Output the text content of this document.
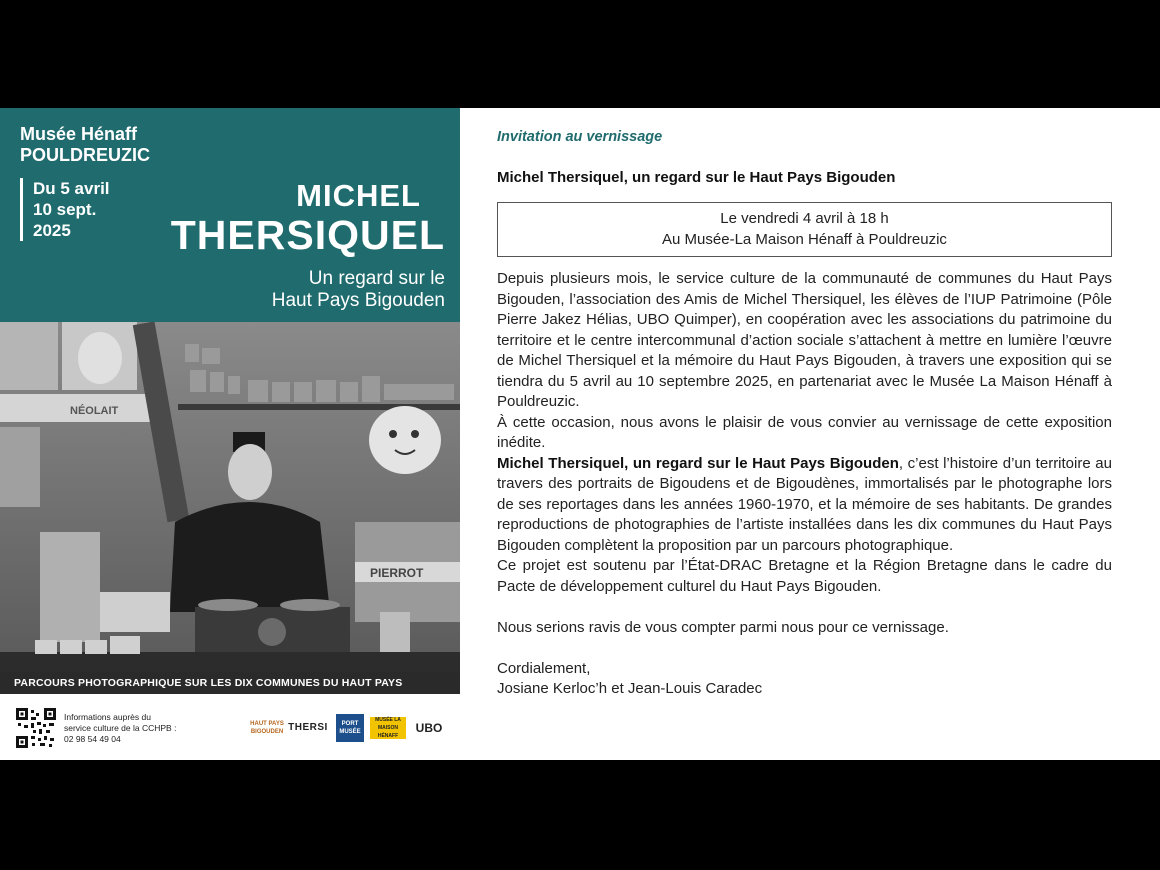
Musée Hénaff
POULDREUZIC
Du 5 avril
10 sept.
2025
MICHEL
THERSIQUEL
Un regard sur le
Haut Pays Bigouden
NÉOLAIT
PIERROT
PARCOURS PHOTOGRAPHIQUE SUR LES DIX COMMUNES DU HAUT PAYS
Informations auprès du
service culture de la CCHPB :
02 98 54 49 04
HAUT PAYS BIGOUDEN THERSI	PORT MUSÉE
MUSÉE LA MAISON HÉNAFF
UBO
Invitation au vernissage
Michel Thersiquel, un regard sur le Haut Pays Bigouden
Le vendredi 4 avril à 18 h
Au Musée-La Maison Hénaff à Pouldreuzic

Depuis plusieurs mois, le service culture de la communauté de communes du Haut Pays Bigouden, l’association des Amis de Michel Thersiquel, les élèves de l’IUP Patrimoine (Pôle Pierre Jakez Hélias, UBO Quimper), en coopération avec les associations du patrimoine du territoire et le centre intercommunal d’action sociale s’attachent à mettre en lumière l’œuvre de Michel Thersiquel et la mémoire du Haut Pays Bigouden, à travers une exposition qui se tiendra du 5 avril au 10 septembre 2025, en partenariat avec le Musée La Maison Hénaff à Pouldreuzic.

À cette occasion, nous avons le plaisir de vous convier au vernissage de cette exposition inédite.

Michel Thersiquel, un regard sur le Haut Pays Bigouden, c’est l’histoire d’un territoire au travers des portraits de Bigoudens et de Bigoudènes, immortalisés par le photographe lors de ses reportages dans les années 1960-1970, et la mémoire de ses habitants. De grandes reproductions de photographies de l’artiste installées dans les dix communes du Haut Pays Bigouden complètent la proposition par un parcours photographique.

Ce projet est soutenu par l’État-DRAC Bretagne et la Région Bretagne dans le cadre du Pacte de développement culturel du Haut Pays Bigouden.

Nous serions ravis de vous compter parmi nous pour ce vernissage.

Cordialement,

Josiane Kerloc’h et Jean-Louis Caradec
